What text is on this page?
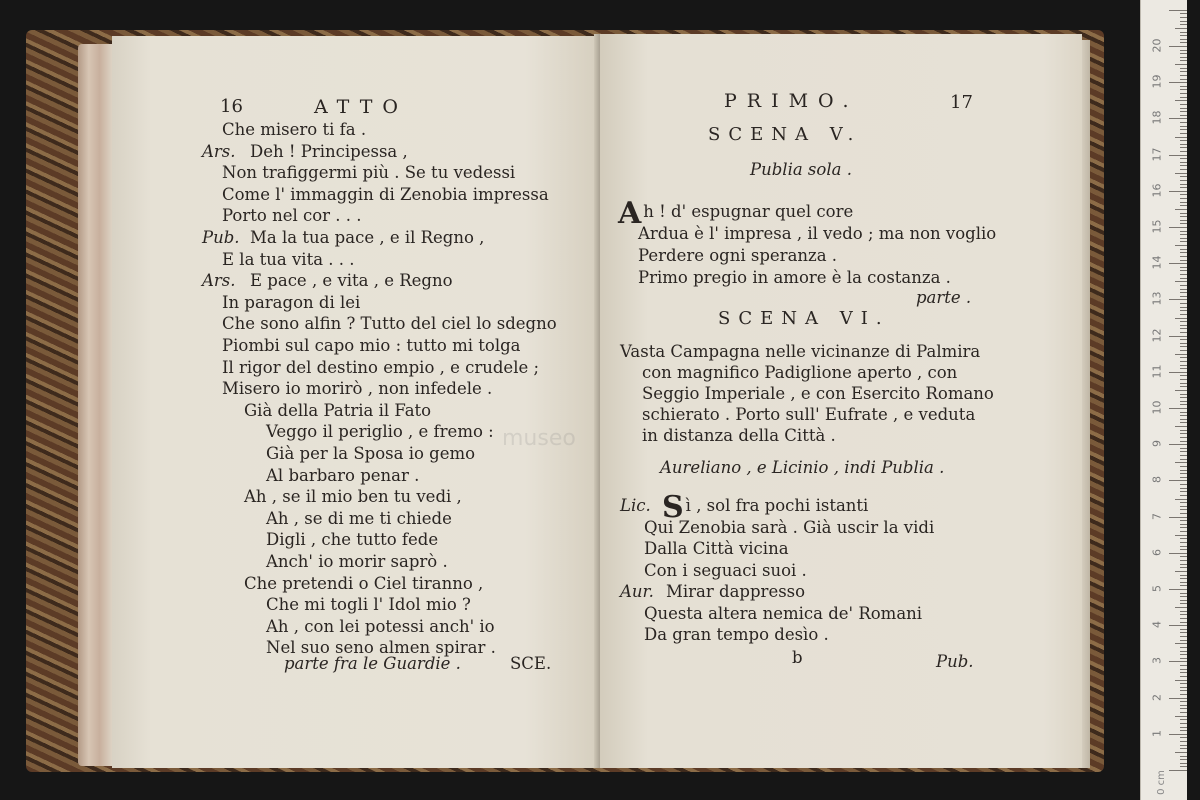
16	ATTO
Che misero ti fa .
Ars. Deh ! Principessa ,
Non trafiggermi più . Se tu vedessi
Come l' immaggin di Zenobia impressa
Porto nel cor . . .
Pub. Ma la tua pace , e il Regno ,
E la tua vita . . .
Ars. E pace , e vita , e Regno
In paragon di lei
Che sono alfin ? Tutto del ciel lo sdegno
Piombi sul capo mio : tutto mi tolga
Il rigor del destino empio , e crudele ;
Misero io morirò , non infedele .
Già della Patria il Fato
Veggo il periglio , e fremo :
Già per la Sposa io gemo
Al barbaro penar .
Ah , se il mio ben tu vedi ,
Ah , se di me ti chiede
Digli , che tutto fede
Anch' io morir saprò .
Che pretendi o Ciel tiranno ,
Che mi togli l' Idol mio ?
Ah , con lei potessi anch' io
Nel suo seno almen spirar .
parte fra le Guardie .	SCE.
museo
PRIMO.	17
SCENA V.
Publia sola .
Ah ! d' espugnar quel core
Ardua è l' impresa , il vedo ; ma non voglio
Perdere ogni speranza .
Primo pregio in amore è la costanza .
parte .
SCENA VI.
Vasta Campagna nelle vicinanze di Palmira
con magnifico Padiglione aperto , con
Seggio Imperiale , e con Esercito Romano
schierato . Porto sull' Eufrate , e veduta
in distanza della Città .
Aureliano , e Licinio , indi Publia .
Lic. Sì , sol fra pochi istanti
Qui Zenobia sarà . Già uscir la vidi
Dalla Città vicina
Con i seguaci suoi .
Aur. Mirar dappresso
Questa altera nemica de' Romani
Da gran tempo desìo .
b	Pub.
0 cm
1
2
3
4
5
6
7
8
9
10
11
12
13
14
15
16
17
18
19
20
